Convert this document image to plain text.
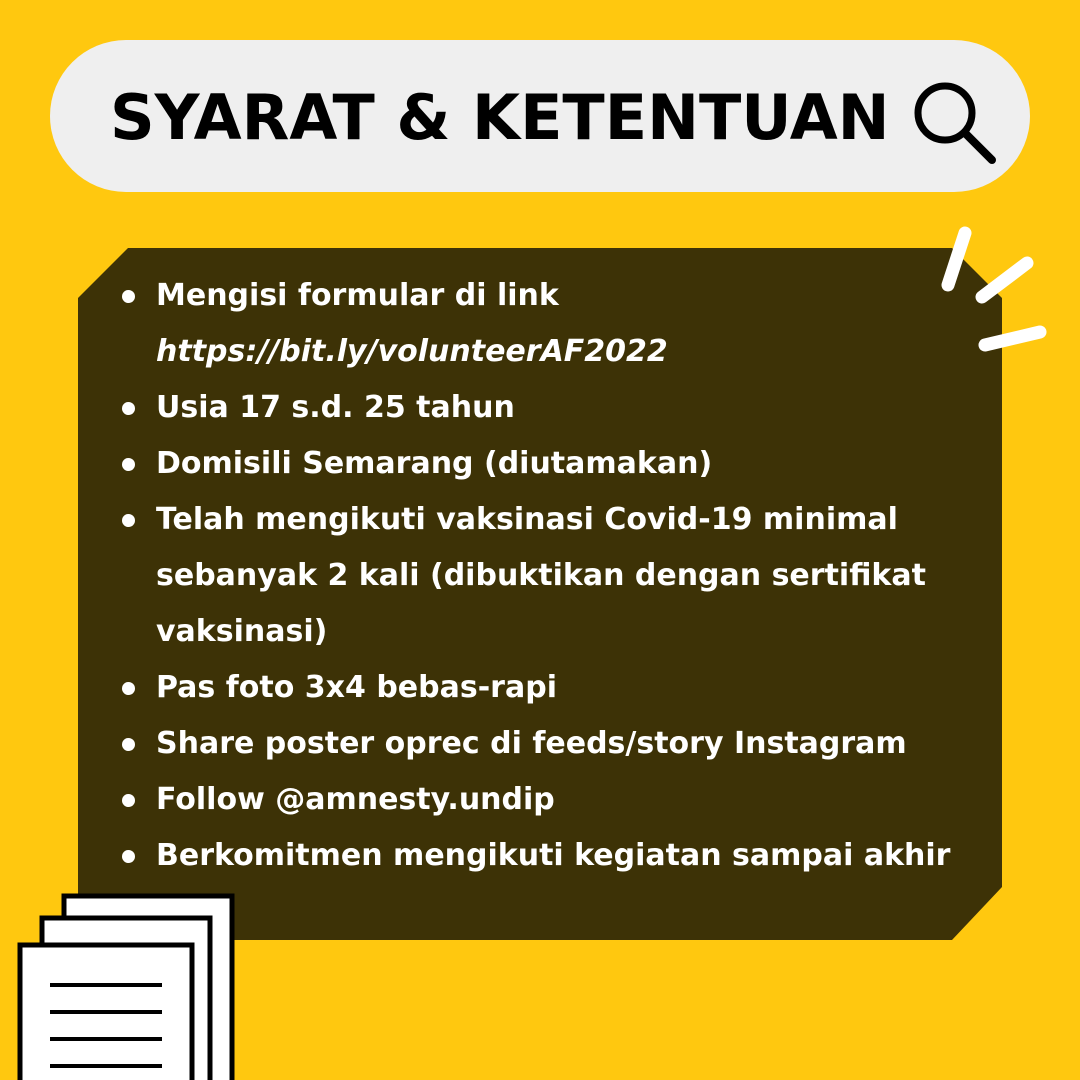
SYARAT & KETENTUAN
Mengisi formular di link
https://bit.ly/volunteerAF2022
Usia 17 s.d. 25 tahun
Domisili Semarang (diutamakan)
Telah mengikuti vaksinasi Covid-19 minimal
sebanyak 2 kali (dibuktikan dengan sertifikat
vaksinasi)
Pas foto 3x4 bebas-rapi
Share poster oprec di feeds/story Instagram
Follow @amnesty.undip
Berkomitmen mengikuti kegiatan sampai akhir
